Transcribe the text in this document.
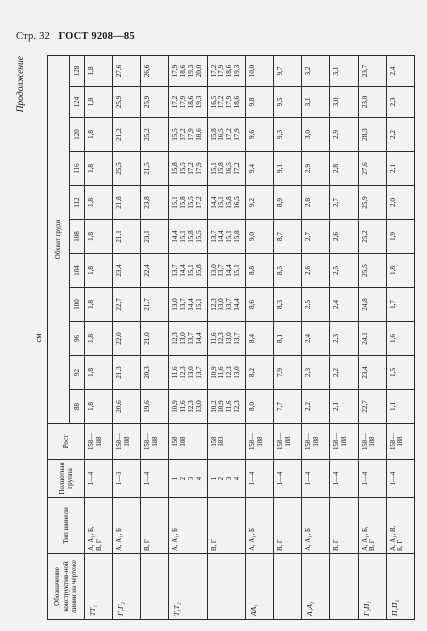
Стр. 32 ГОСТ 9208—85
Продолжение
см
Обозначение конструктив-ной линии на чертеже	Тип шинели	Полнотная группа	Рост	Обхват груди										
				88	92	96	100	104	108	112	116	120	124	128
ТТ₁	А, А₁, Б, В, Г	1—4	158— 188	1,8	1,8	1,8	1,8	1,8	1,8	1,8	1,8	1,8	1,8	1,8

Г₁Г₂	А, А₁, Б	1—3	158— 188	20,6	21,3	22,0	22,7	23,4	21,1	21,8	25,5	21,2	25,9	27,6

	В, Г	1—4	158— 188	19,6	20,3	21,0	21,7	22,4	23,1	23,8	21,5	25,2	25,9	26,6

Т₁Т₂	А, А₁, Б	1 2 3 4	158 188	10,9 11,6 12,3 13,0	11,6 12,3 13,0 13,7	12,3 13,0 13,7 14,4	13,0 13,7 14,4 15,1	13,7 14,4 15,1 15,8	14,4 15,1 15,8 15,5	15,1 15,8 15,5 17,2	15,8 15,5 17,2 17,9	15,5 17,2 17,9 18,6	17,2 17,9 18,6 19,3	17,9 18,6 19,3 20,0

	В, Г	1 2 3 4	158 183	10,2 10,9 11,6 12,3	10,9 11,6 12,3 13,0	11,6 12,3 13,0 13,7	12,3 13,0 13,7 14,4	13,0 13,7 14,4 15,1	13,7 14,4 15,1 15,8	14,4 15,1 15,8 16,5	15,1 15,8 16,5 17,2	15,8 16,5 17,2 17,9	16,5 17,2 17,9 18,6	17,2 17,9 18,6 19,3

АА₁	А, А₁, Б	1—4	158— 188	8,0	8,2	8,4	8,6	8,8	9,0	9,2	9,4	9,6	9,8	10,0

	В, Г	1—4	158— 188	7,7	7,9	8,1	8,3	8,5	8,7	8,9	9,1	9,3	9,5	9,7

А₁А₂	А, А₁, Б	1—4	158— 188	2,2	2,3	2,4	2,5	2,6	2,7	2,8	2,9	3,0	3,1	3,2

	В, Г	1—4	158— 188	2,1	2,2	2,3	2,4	2,5	2,6	2,7	2,8	2,9	3,0	3,1

Г₃П₁	А, А₁, Б, В, Г	1—4	158— 188	22,7	23,4	24,1	24,8	25,5	25,2	25,9	27,6	28,3	23,0	23,7

П₁П₂	А, А₁, В, Б, Г	1—4	158— 188	1,1	1,5	1,6	1,7	1,8	1,9	2,0	2,1	2,2	2,3	2,4
